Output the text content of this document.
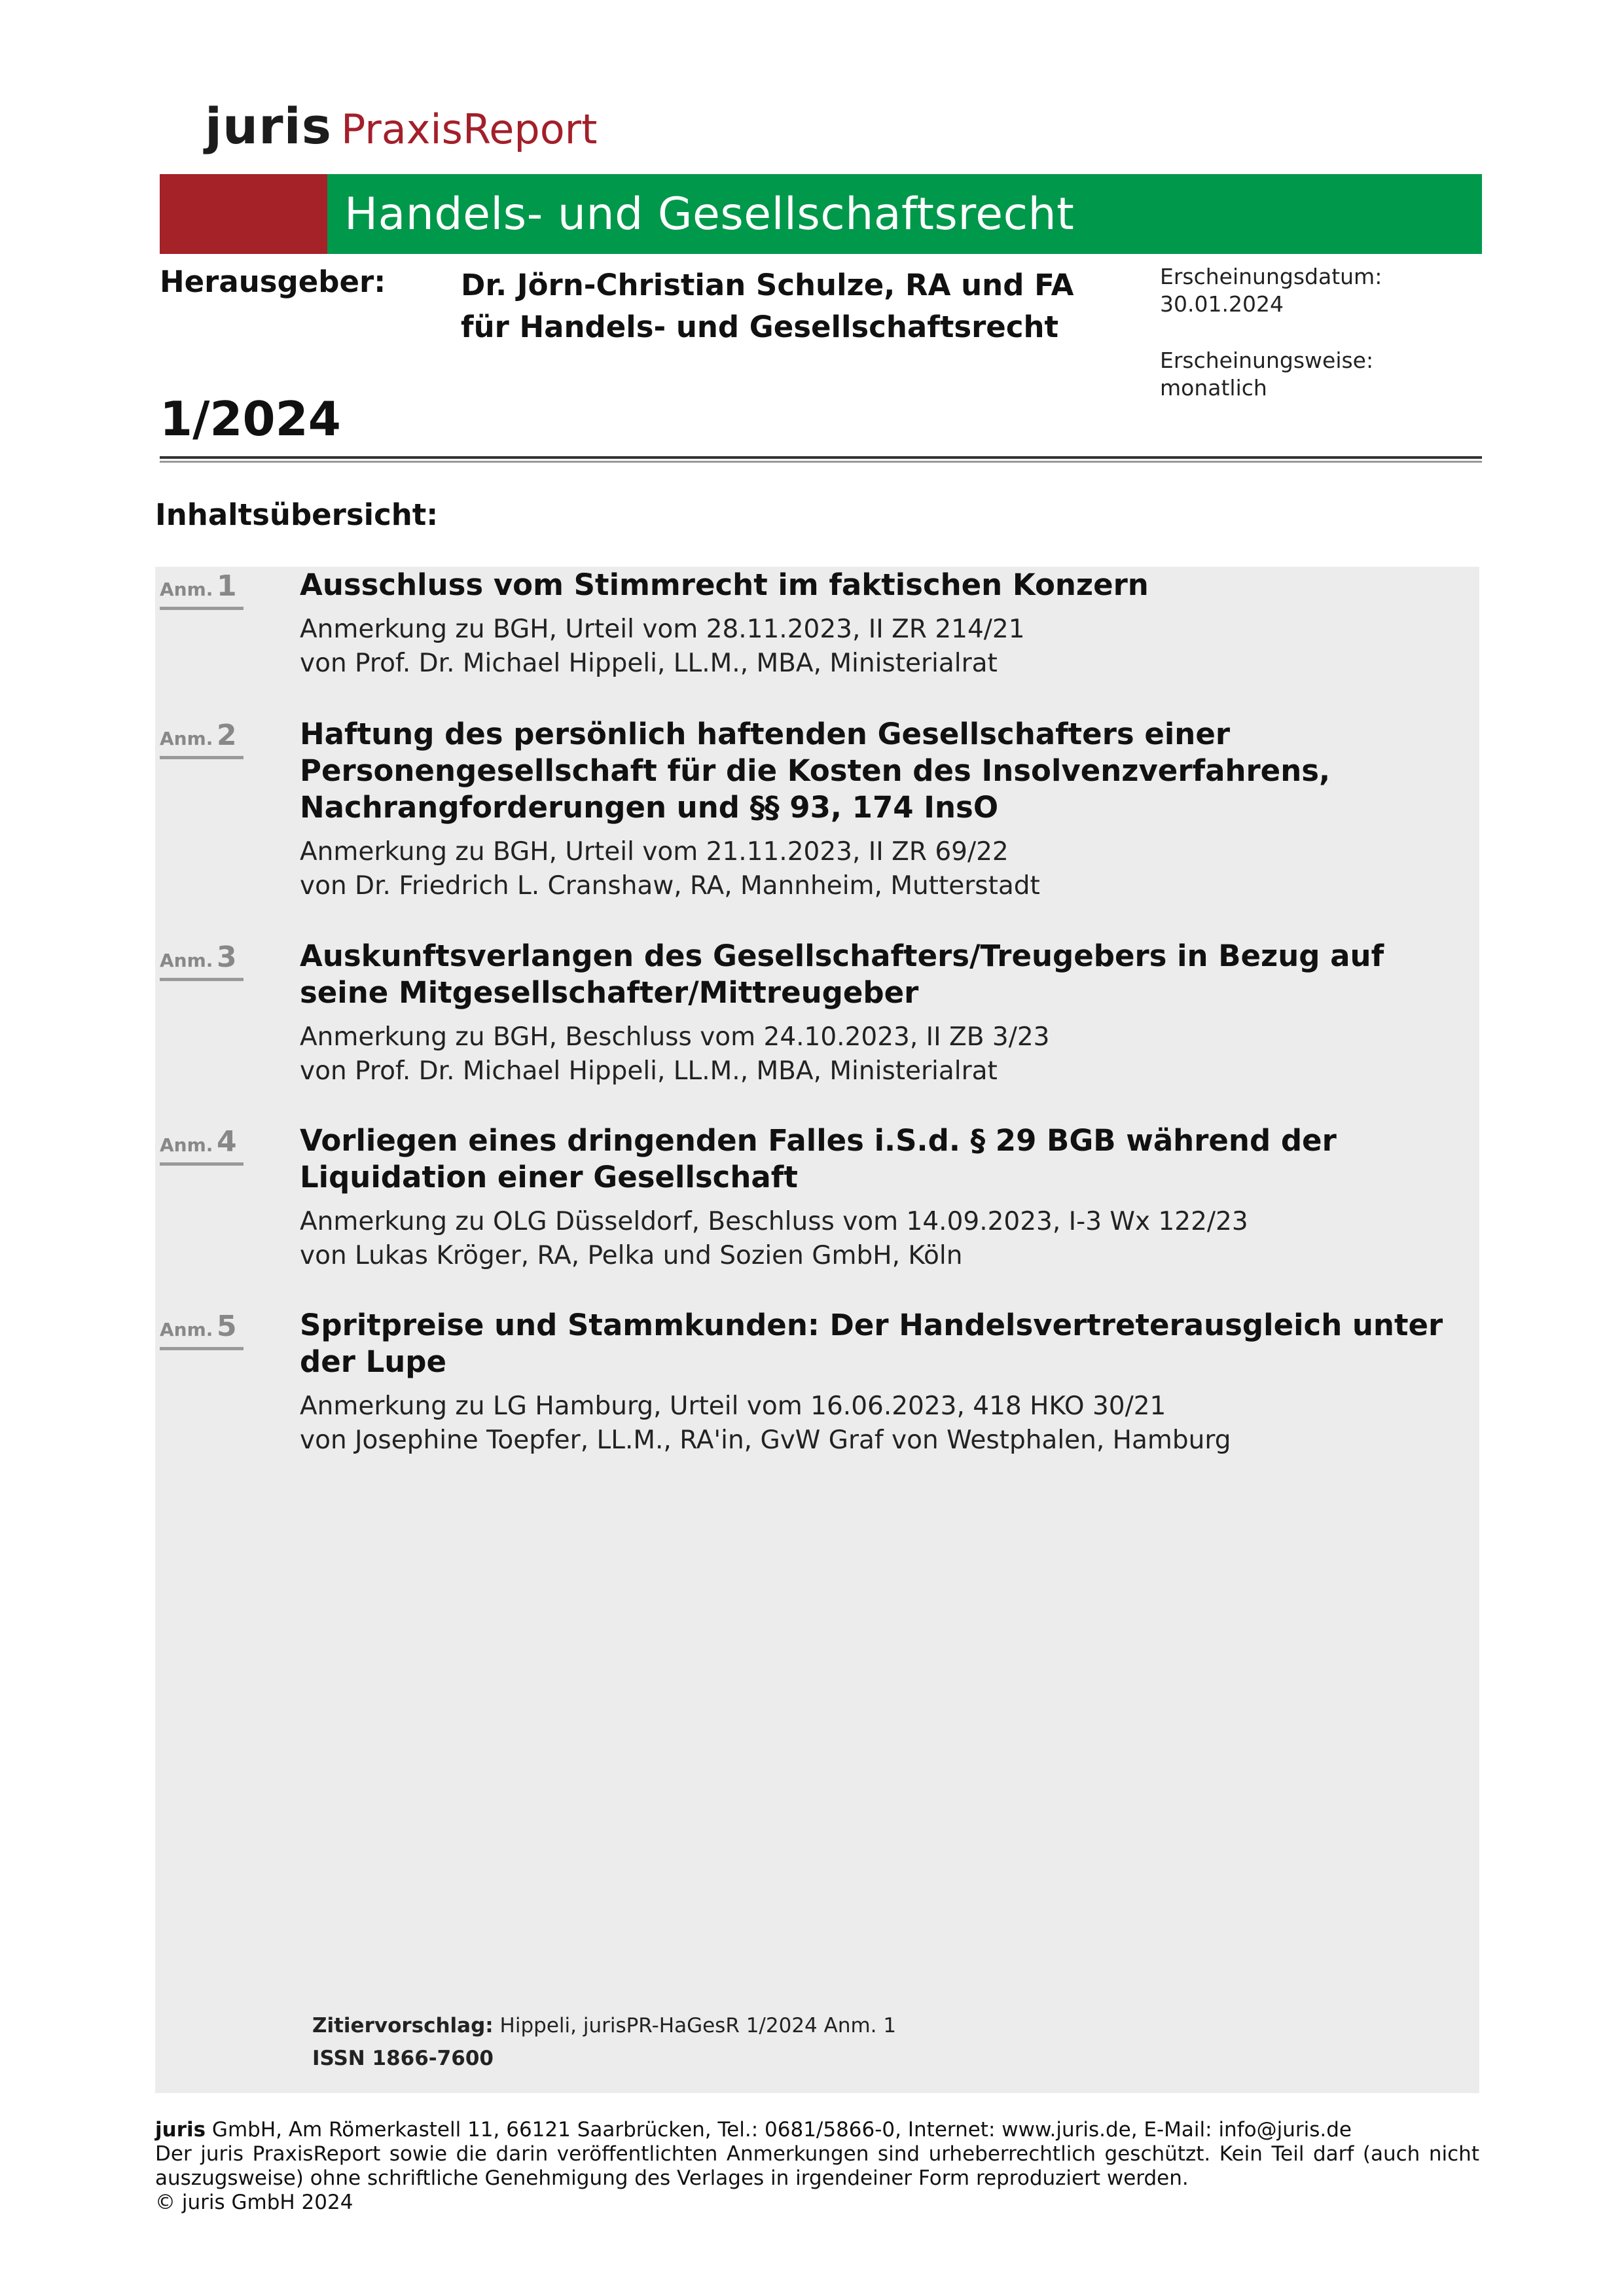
juris PraxisReport
Handels- und Gesellschaftsrecht
Herausgeber:	Dr. Jörn-Christian Schulze, RA und FA für Handels- und Gesellschaftsrecht

Erscheinungsdatum:
30.01.2024

Erscheinungsweise:
monatlich

1/2024
Inhaltsübersicht:
Anm. 1 Ausschluss vom Stimmrecht im faktischen Konzern
Anmerkung zu BGH, Urteil vom 28.11.2023, II ZR 214/21
von Prof. Dr. Michael Hippeli, LL.M., MBA, Ministerialrat
Anm. 2 Haftung des persönlich haftenden Gesellschafters einer Personengesellschaft für die Kosten des Insolvenzverfahrens, Nachrangforderungen und §§ 93, 174 InsO
Anmerkung zu BGH, Urteil vom 21.11.2023, II ZR 69/22
von Dr. Friedrich L. Cranshaw, RA, Mannheim, Mutterstadt
Anm. 3 Auskunftsverlangen des Gesellschafters/Treugebers in Bezug auf seine Mitgesellschafter/Mittreugeber
Anmerkung zu BGH, Beschluss vom 24.10.2023, II ZB 3/23
von Prof. Dr. Michael Hippeli, LL.M., MBA, Ministerialrat
Anm. 4 Vorliegen eines dringenden Falles i.S.d. § 29 BGB während der Liquidation einer Gesellschaft
Anmerkung zu OLG Düsseldorf, Beschluss vom 14.09.2023, I-3 Wx 122/23
von Lukas Kröger, RA, Pelka und Sozien GmbH, Köln
Anm. 5 Spritpreise und Stammkunden: Der Handelsvertreterausgleich unter der Lupe
Anmerkung zu LG Hamburg, Urteil vom 16.06.2023, 418 HKO 30/21
von Josephine Toepfer, LL.M., RA'in, GvW Graf von Westphalen, Hamburg
Zitiervorschlag: Hippeli, jurisPR-HaGesR 1/2024 Anm. 1
ISSN 1866-7600

juris GmbH, Am Römerkastell 11, 66121 Saarbrücken, Tel.: 0681/5866-0, Internet: www.juris.de, E-Mail: info@juris.de

Der juris PraxisReport sowie die darin veröffentlichten Anmerkungen sind urheberrechtlich geschützt. Kein Teil darf (auch nicht auszugsweise) ohne schriftliche Genehmigung des Verlages in irgendeiner Form reproduziert werden.

© juris GmbH 2024
